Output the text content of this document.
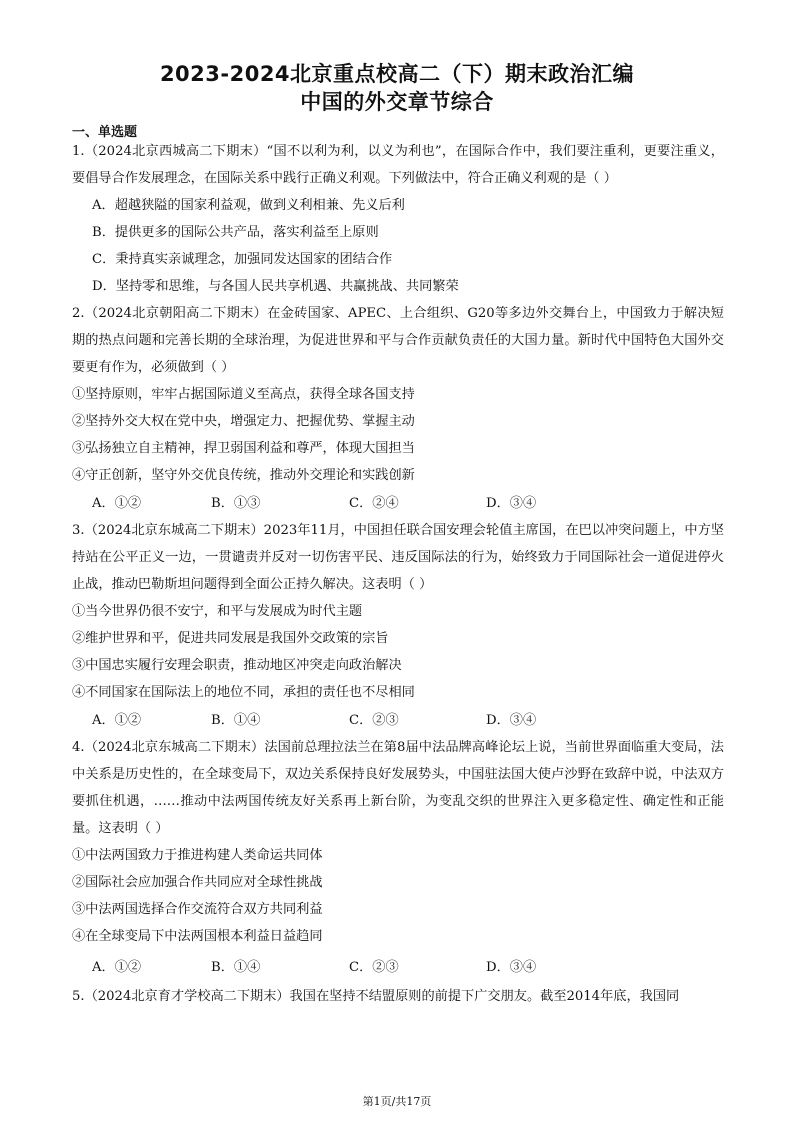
2023-2024北京重点校高二（下）期末政治汇编
中国的外交章节综合
一、单选题

1.（2024北京西城高二下期末）“国不以利为利，以义为利也”，在国际合作中，我们要注重利，更要注重义，要倡导合作发展理念，在国际关系中践行正确义利观。下列做法中，符合正确义利观的是（ ）

A．超越狭隘的国家利益观，做到义利相兼、先义后利
B．提供更多的国际公共产品，落实利益至上原则
C．秉持真实亲诚理念，加强同发达国家的团结合作
D．坚持零和思维，与各国人民共享机遇、共赢挑战、共同繁荣

2.（2024北京朝阳高二下期末）在金砖国家、APEC、上合组织、G20等多边外交舞台上，中国致力于解决短期的热点问题和完善长期的全球治理，为促进世界和平与合作贡献负责任的大国力量。新时代中国特色大国外交要更有作为，必须做到（ ）

①坚持原则，牢牢占据国际道义至高点，获得全球各国支持
②坚持外交大权在党中央，增强定力、把握优势、掌握主动
③弘扬独立自主精神，捍卫弱国利益和尊严，体现大国担当
④守正创新，坚守外交优良传统，推动外交理论和实践创新
A．①②	B．①③	C．②④	D．③④

3.（2024北京东城高二下期末）2023年11月，中国担任联合国安理会轮值主席国，在巴以冲突问题上，中方坚持站在公平正义一边，一贯谴责并反对一切伤害平民、违反国际法的行为，始终致力于同国际社会一道促进停火止战，推动巴勒斯坦问题得到全面公正持久解决。这表明（ ）

①当今世界仍很不安宁，和平与发展成为时代主题
②维护世界和平，促进共同发展是我国外交政策的宗旨
③中国忠实履行安理会职责，推动地区冲突走向政治解决
④不同国家在国际法上的地位不同，承担的责任也不尽相同
A．①②	B．①④	C．②③	D．③④

4.（2024北京东城高二下期末）法国前总理拉法兰在第8届中法品牌高峰论坛上说，当前世界面临重大变局，法中关系是历史性的，在全球变局下，双边关系保持良好发展势头，中国驻法国大使卢沙野在致辞中说，中法双方要抓住机遇，……推动中法两国传统友好关系再上新台阶，为变乱交织的世界注入更多稳定性、确定性和正能量。这表明（ ）

①中法两国致力于推进构建人类命运共同体
②国际社会应加强合作共同应对全球性挑战
③中法两国选择合作交流符合双方共同利益
④在全球变局下中法两国根本利益日益趋同
A．①②	B．①④	C．②③	D．③④

5.（2024北京育才学校高二下期末）我国在坚持不结盟原则的前提下广交朋友。截至2014年底，我国同

第1页/共17页
